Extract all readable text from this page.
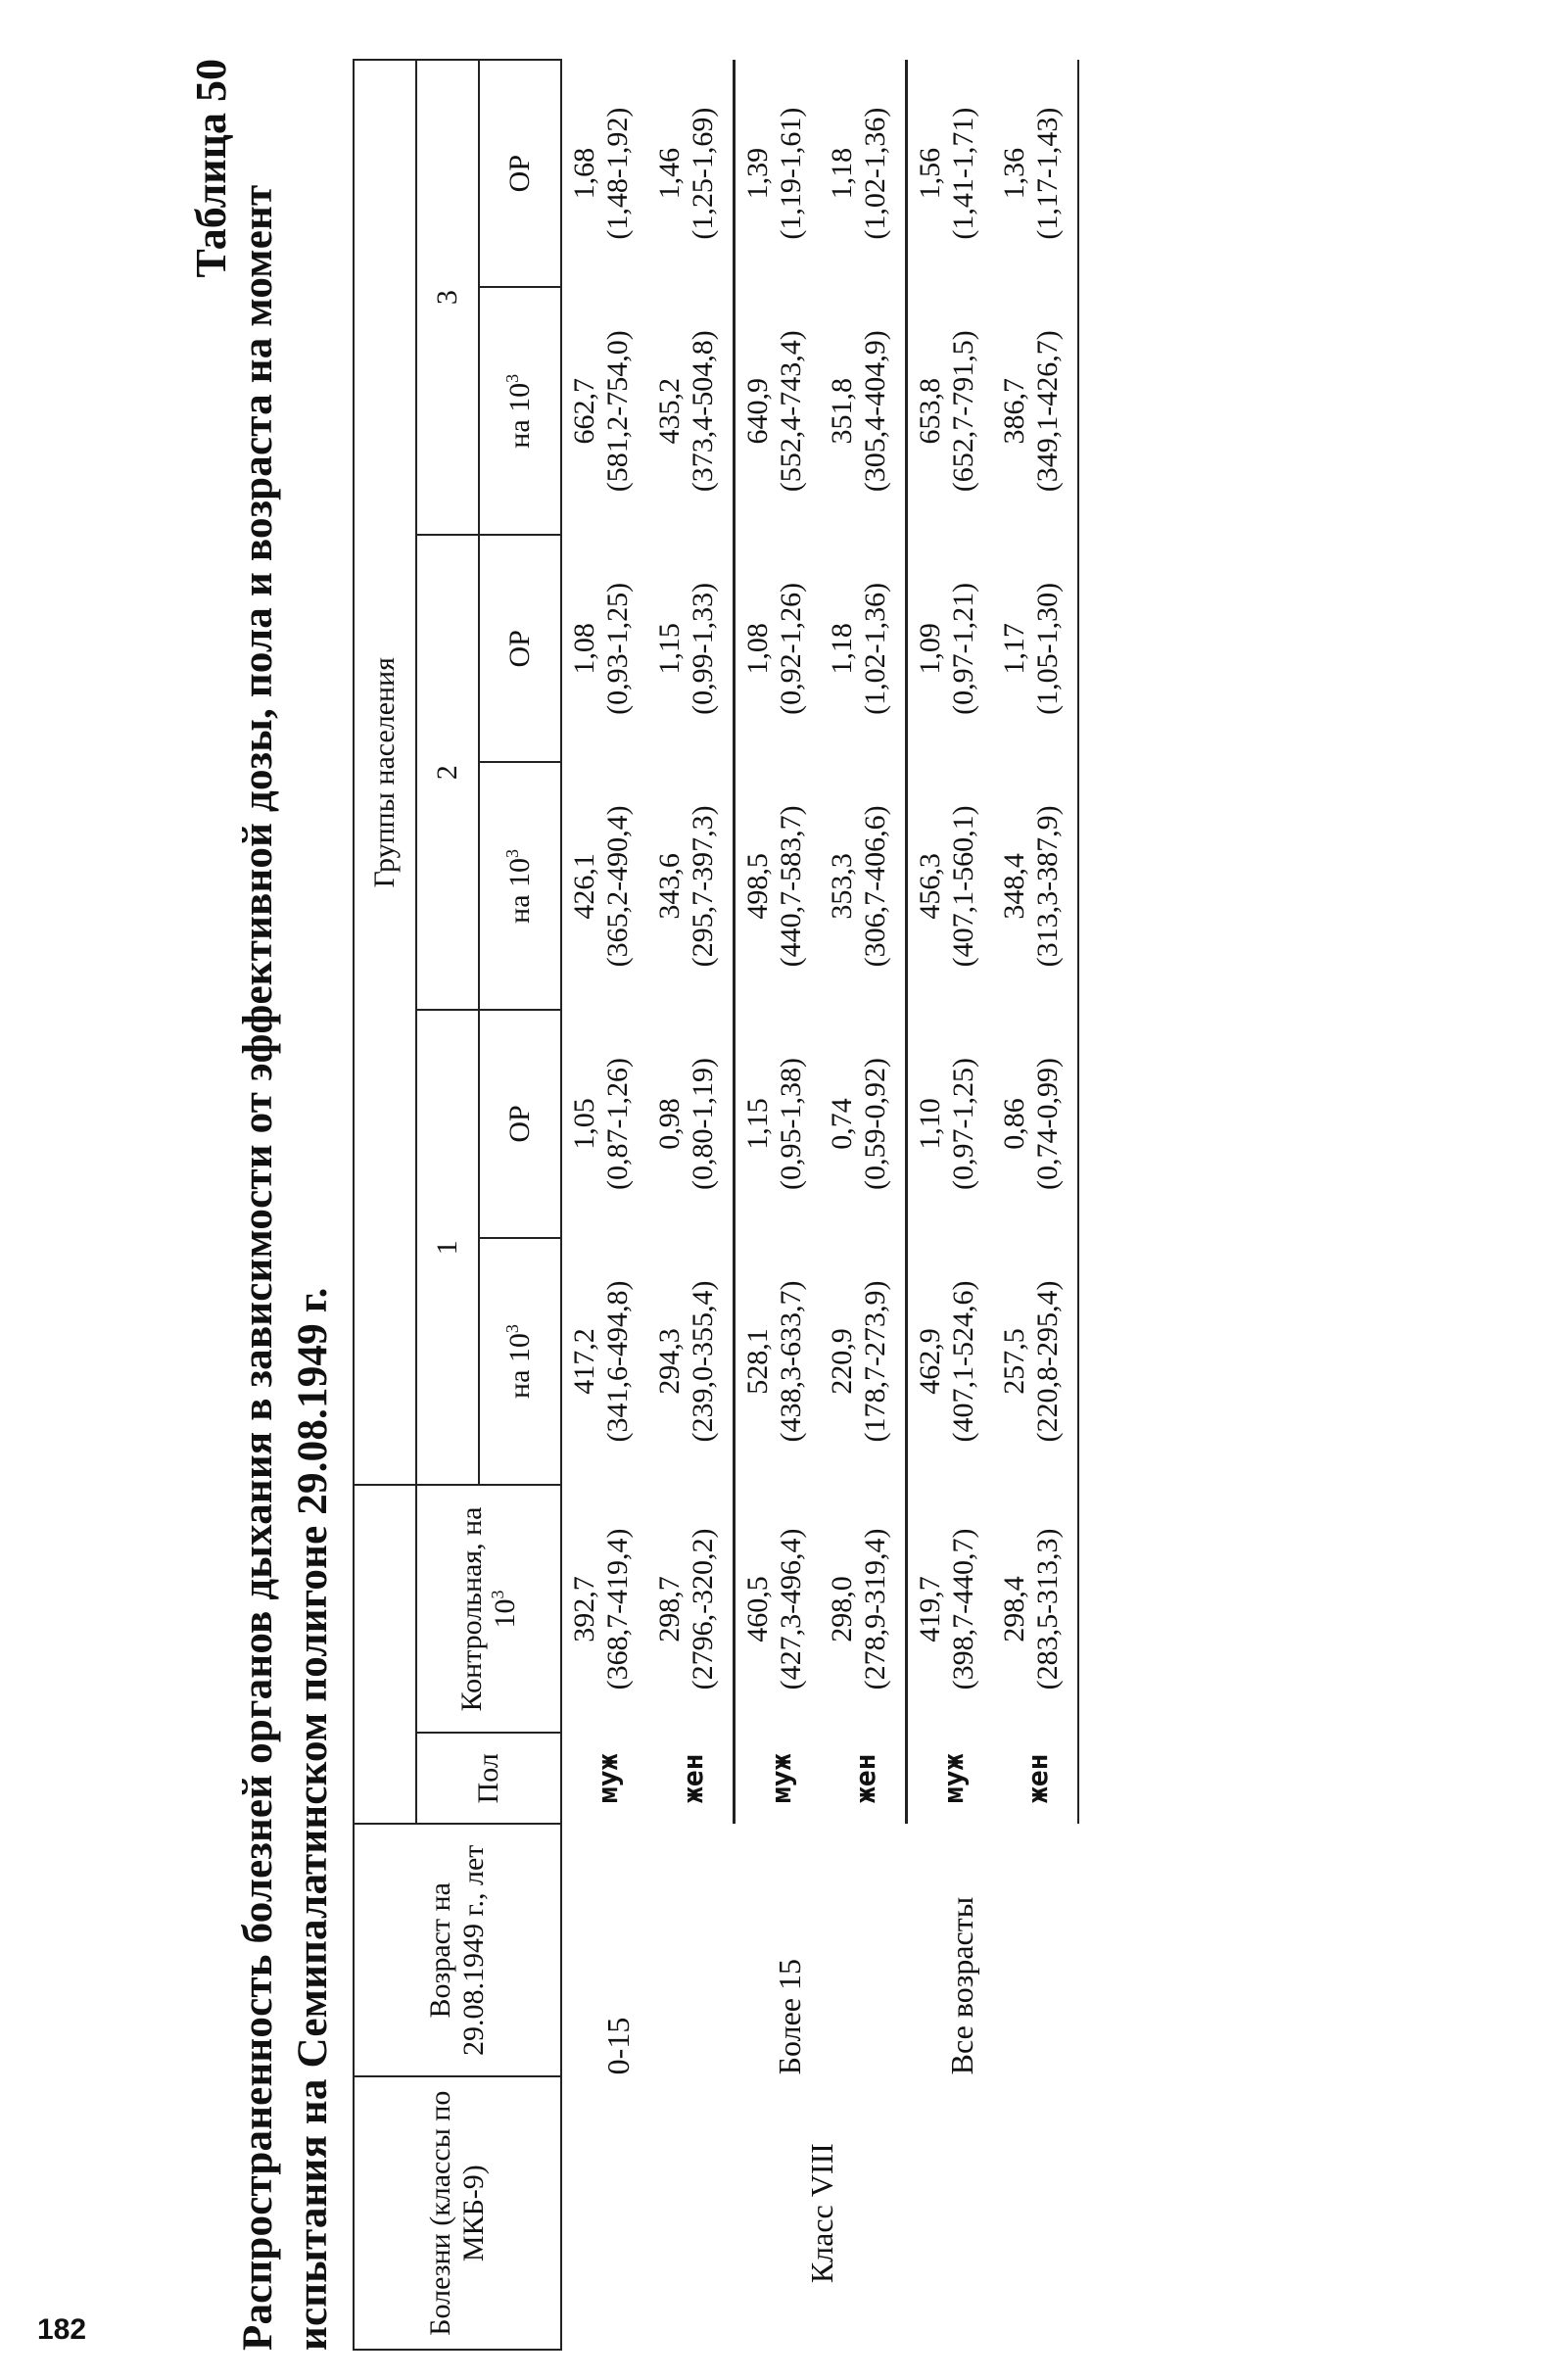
182
Таблица 50
Распространенность болезней органов дыхания в зависимости от эффективной дозы, пола и возраста на момент испытания на Семипалатинском полигоне 29.08.1949 г.	Болезни (классы по МКБ-9)	Возраст на 29.08.1949 г., лет			Группы населения					
		Пол	Контрольная, на $10^3$	1		2		3	
				на $10^3$	ОР	на $10^3$	ОР	на $10^3$	ОР
Класс VIII	0-15	муж	392,7 (368,7-419,4)	417,2 (341,6-494,8)	1,05 (0,87-1,26)	426,1 (365,2-490,4)	1,08 (0,93-1,25)	662,7 (581,2-754,0)	1,68 (1,48-1,92)

		жен	298,7 (2796,-320,2)	294,3 (239,0-355,4)	0,98 (0,80-1,19)	343,6 (295,7-397,3)	1,15 (0,99-1,33)	435,2 (373,4-504,8)	1,46 (1,25-1,69)

	Более 15	муж	460,5 (427,3-496,4)	528,1 (438,3-633,7)	1,15 (0,95-1,38)	498,5 (440,7-583,7)	1,08 (0,92-1,26)	640,9 (552,4-743,4)	1,39 (1,19-1,61)

		жен	298,0 (278,9-319,4)	220,9 (178,7-273,9)	0,74 (0,59-0,92)	353,3 (306,7-406,6)	1,18 (1,02-1,36)	351,8 (305,4-404,9)	1,18 (1,02-1,36)

	Все возрасты	муж	419,7 (398,7-440,7)	462,9 (407,1-524,6)	1,10 (0,97-1,25)	456,3 (407,1-560,1)	1,09 (0,97-1,21)	653,8 (652,7-791,5)	1,56 (1,41-1,71)

		жен	298,4 (283,5-313,3)	257,5 (220,8-295,4)	0,86 (0,74-0,99)	348,4 (313,3-387,9)	1,17 (1,05-1,30)	386,7 (349,1-426,7)	1,36 (1,17-1,43)
